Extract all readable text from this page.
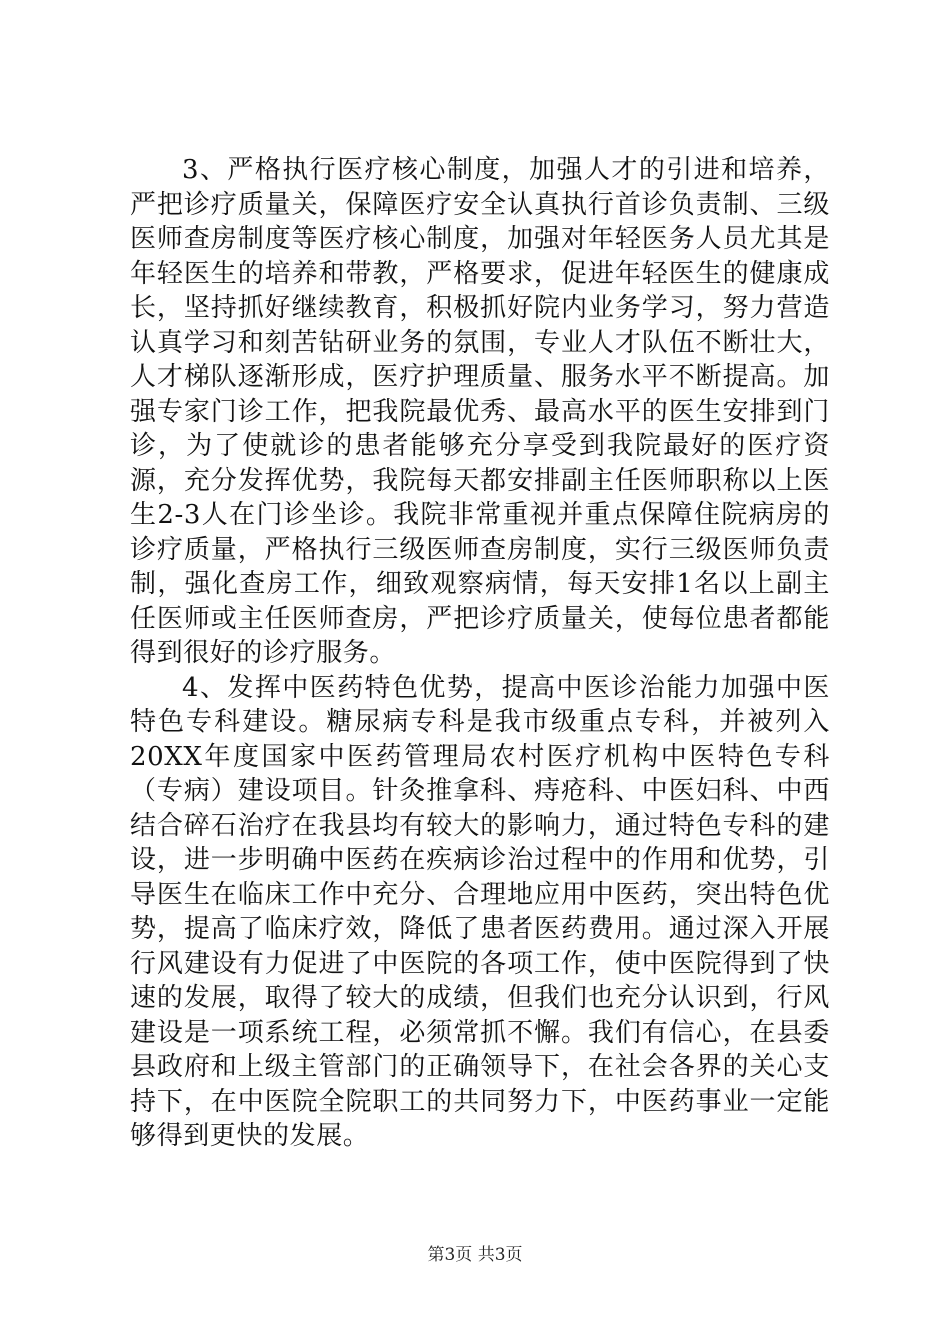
3、严格执行医疗核心制度，加强人才的引进和培养，严把诊疗质量关，保障医疗安全认真执行首诊负责制、三级医师查房制度等医疗核心制度，加强对年轻医务人员尤其是年轻医生的培养和带教，严格要求，促进年轻医生的健康成长，坚持抓好继续教育，积极抓好院内业务学习，努力营造认真学习和刻苦钻研业务的氛围，专业人才队伍不断壮大，人才梯队逐渐形成，医疗护理质量、服务水平不断提高。加强专家门诊工作，把我院最优秀、最高水平的医生安排到门诊，为了使就诊的患者能够充分享受到我院最好的医疗资源，充分发挥优势，我院每天都安排副主任医师职称以上医生2-3人在门诊坐诊。我院非常重视并重点保障住院病房的诊疗质量，严格执行三级医师查房制度，实行三级医师负责制，强化查房工作，细致观察病情，每天安排1名以上副主任医师或主任医师查房，严把诊疗质量关，使每位患者都能得到很好的诊疗服务。

4、发挥中医药特色优势，提高中医诊治能力加强中医特色专科建设。糖尿病专科是我市级重点专科，并被列入20XX年度国家中医药管理局农村医疗机构中医特色专科（专病）建设项目。针灸推拿科、痔疮科、中医妇科、中西结合碎石治疗在我县均有较大的影响力，通过特色专科的建设，进一步明确中医药在疾病诊治过程中的作用和优势，引导医生在临床工作中充分、合理地应用中医药，突出特色优势，提高了临床疗效，降低了患者医药费用。通过深入开展行风建设有力促进了中医院的各项工作，使中医院得到了快速的发展，取得了较大的成绩，但我们也充分认识到，行风建设是一项系统工程，必须常抓不懈。我们有信心，在县委县政府和上级主管部门的正确领导下，在社会各界的关心支持下，在中医院全院职工的共同努力下，中医药事业一定能够得到更快的发展。

第3页 共3页
